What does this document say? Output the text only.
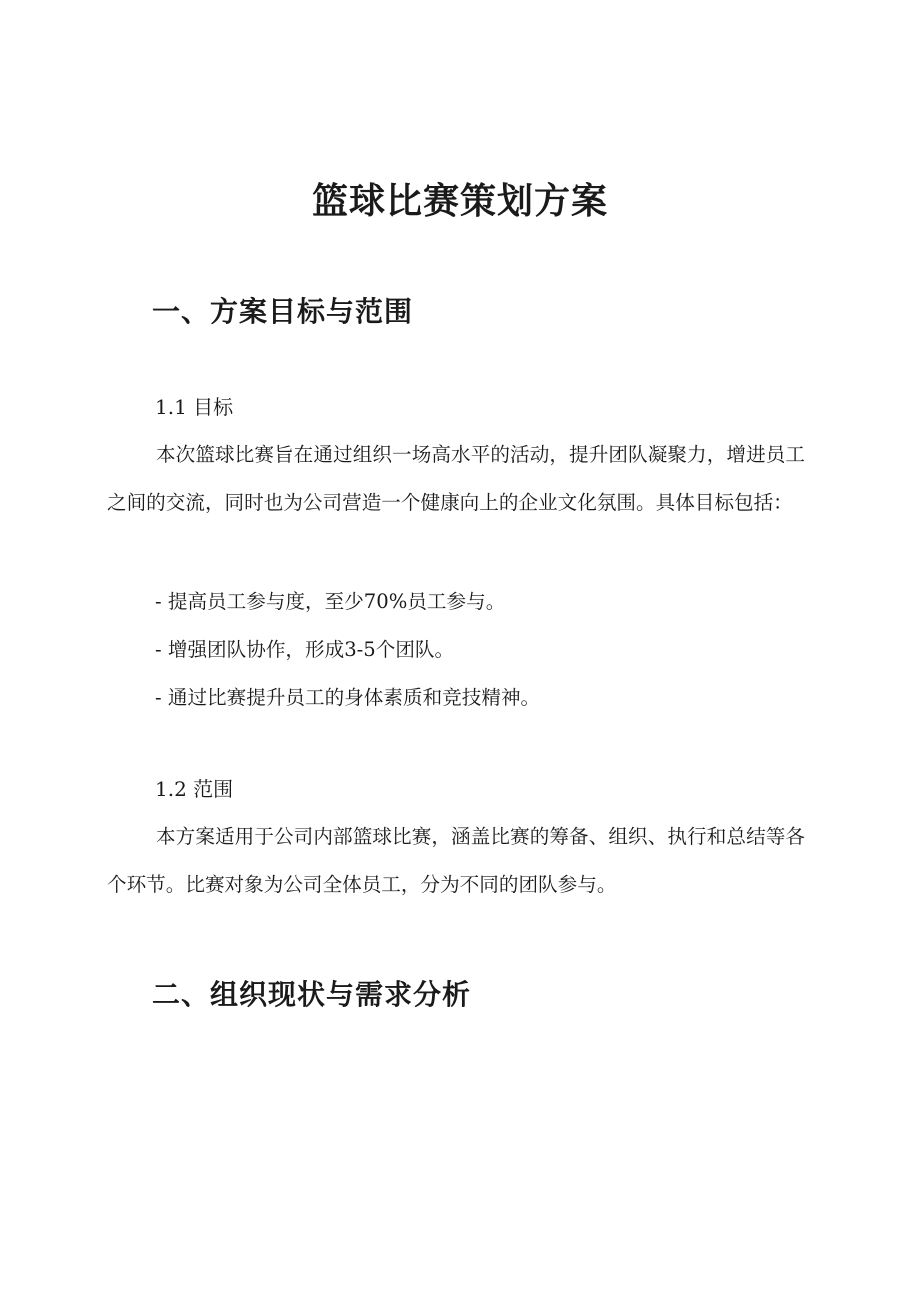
篮球比赛策划方案
一、方案目标与范围
1.1 目标

本次篮球比赛旨在通过组织一场高水平的活动，提升团队凝聚力，增进员工之间的交流，同时也为公司营造一个健康向上的企业文化氛围。具体目标包括：

- 提高员工参与度，至少70%员工参与。

- 增强团队协作，形成3-5个团队。

- 通过比赛提升员工的身体素质和竞技精神。

1.2 范围

本方案适用于公司内部篮球比赛，涵盖比赛的筹备、组织、执行和总结等各个环节。比赛对象为公司全体员工，分为不同的团队参与。

二、组织现状与需求分析
